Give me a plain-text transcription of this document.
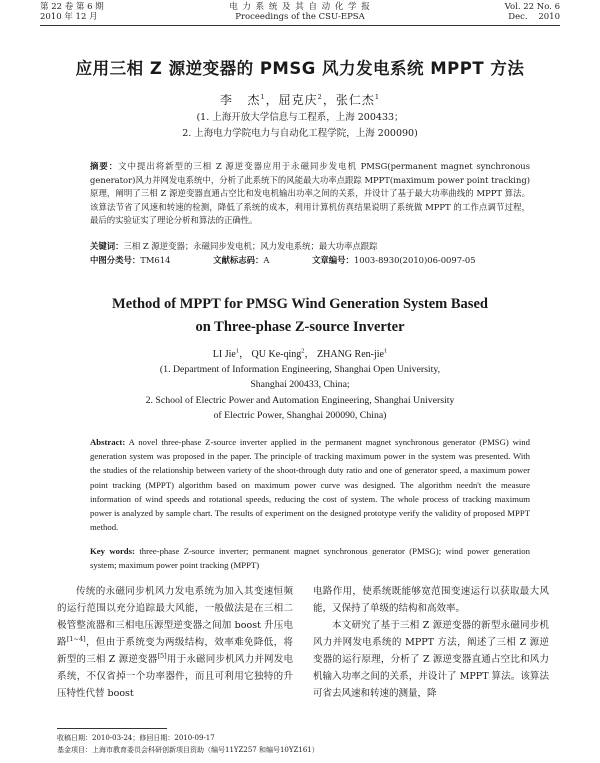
第 22 卷 第 6 期
2010 年 12 月
电 力 系 统 及 其 自 动 化 学 报
Proceedings of the CSU-EPSA
Vol. 22 No. 6
Dec.    2010
应用三相 Z 源逆变器的 PMSG 风力发电系统 MPPT 方法
李 杰$^1$，屈克庆$^2$，张仁杰$^1$
(1. 上海开放大学信息与工程系，上海 200433；
2. 上海电力学院电力与自动化工程学院，上海 200090)
摘要：文中提出将新型的三相 Z 源逆变器应用于永磁同步发电机 PMSG(permanent magnet synchronous generator)风力并网发电系统中，分析了此系统下的风能最大功率点跟踪 MPPT(maximum power point tracking)原理，阐明了三相 Z 源逆变器直通占空比和发电机输出功率之间的关系，并设计了基于最大功率曲线的 MPPT 算法。该算法节省了风速和转速的检测，降低了系统的成本，利用计算机仿真结果说明了系统做 MPPT 的工作点调节过程，最后的实验证实了理论分析和算法的正确性。
关键词：三相 Z 源逆变器；永磁同步发电机；风力发电系统；最大功率点跟踪
中图分类号：TM614	文献标志码：A	文章编号：1003-8930(2010)06-0097-05
Method of MPPT for PMSG Wind Generation System Based
on Three-phase Z-source Inverter
LI Jie$^1$， QU Ke-qing$^2$， ZHANG Ren-jie$^1$
(1. Department of Information Engineering, Shanghai Open University,
Shanghai 200433, China;
2. School of Electric Power and Automation Engineering, Shanghai University
of Electric Power, Shanghai 200090, China)
Abstract: A novel three-phase Z-source inverter applied in the permanent magnet synchronous generator (PMSG) wind generation system was proposed in the paper. The principle of tracking maximum power in the system was presented. With the studies of the relationship between variety of the shoot-through duty ratio and one of generator speed, a maximum power point tracking (MPPT) algorithm based on maximum power curve was designed. The algorithm needn't the measure information of wind speeds and rotational speeds, reducing the cost of system. The whole process of tracking maximum power is analyzed by sample chart. The results of experiment on the designed prototype verify the validity of proposed MPPT method.
Key words: three-phase Z-source inverter; permanent magnet synchronous generator (PMSG); wind power generation system; maximum power point tracking (MPPT)
传统的永磁同步机风力发电系统为加入其变速恒频的运行范围以充分追踪最大风能，一般做法是在三相二极管整流器和三相电压源型逆变器之间加 boost 升压电路[1~4]，但由于系统变为两级结构，效率难免降低，将新型的三相 Z 源逆变器[5]用于永磁同步机风力并网发电系统，不仅省掉一个功率器件，而且可利用它独特的升压特性代替 boost

电路作用，使系统既能够宽范围变速运行以获取最大风能，又保持了单级的结构和高效率。

本文研究了基于三相 Z 源逆变器的新型永磁同步机风力并网发电系统的 MPPT 方法，阐述了三相 Z 源逆变器的运行原理，分析了 Z 源逆变器直通占空比和风力机输入功率之间的关系，并设计了 MPPT 算法。该算法可省去风速和转速的测量，降

收稿日期：2010-03-24；修回日期：2010-09-17
基金项目：上海市教育委员会科研创新项目资助（编号11YZ257 和编号10YZ161）
